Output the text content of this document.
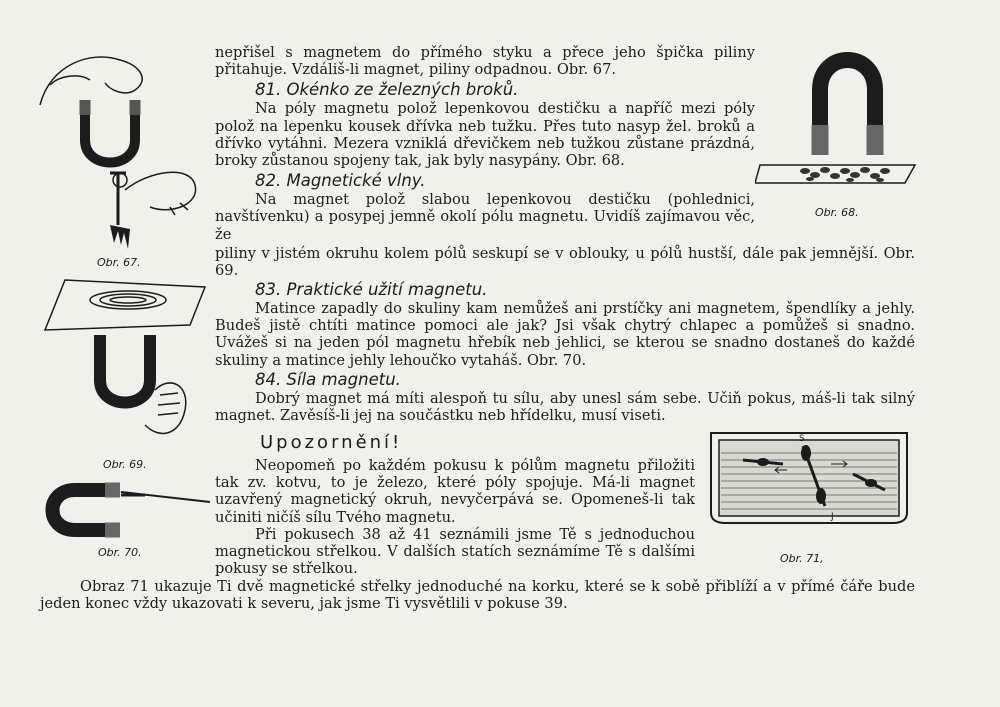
nepřišel s magnetem do přímého styku a přece jeho špička piliny přitahuje. Vzdáliš-li magnet, piliny odpadnou. Obr. 67.

81. Okénko ze železných broků.

Na póly magnetu polož lepenkovou destičku a napříč mezi póly polož na lepenku kousek dřívka neb tužku. Přes tuto nasyp žel. broků a dřívko vytáhni. Mezera vzniklá dřevičkem neb tužkou zůstane prázdná, broky zůstanou spojeny tak, jak byly nasypány. Obr. 68.

82. Magnetické vlny.

Na magnet polož slabou lepenkovou destičku (pohlednici, navštívenku) a posypej jemně okolí pólu magnetu. Uvidíš zajímavou věc, že

piliny v jistém okruhu kolem pólů seskupí se v oblouky, u pólů hustší, dále pak jemnější. Obr. 69.

83. Praktické užití magnetu.

Matince zapadly do skuliny kam nemůžeš ani prstíčky ani magnetem, špendlíky a jehly. Budeš jistě chtíti matince pomoci ale jak? Jsi však chytrý chlapec a pomůžeš si snadno. Uvážeš si na jeden pól magnetu hřebík neb jehlici, se kterou se snadno dostaneš do každé skuliny a matince jehly lehoučko vytaháš. Obr. 70.

84. Síla magnetu.

Dobrý magnet má míti alespoň tu sílu, aby unesl sám sebe. Učiň pokus, máš-li tak silný magnet. Zavěsíš-li jej na součástku neb hřídelku, musí viseti.

Upozornění!

Neopomeň po každém pokusu k pólům magnetu přiložiti tak zv. kotvu, to je železo, které póly spojuje. Má-li magnet uzavřený magnetický okruh, nevyčerpává se. Opomeneš-li tak učiniti ničíš sílu Tvého magnetu.

Při pokusech 38 až 41 seznámili jsme Tě s jednoduchou magnetickou střelkou. V dalších statích seznámíme Tě s dalšími pokusy se střelkou.

Obraz 71 ukazuje Ti dvě magnetické střelky jednoduché na korku, které se k sobě přiblíží a v přímé čáře bude jeden konec vždy ukazovati k severu, jak jsme Ti vysvětlili v pokuse 39.
Obr. 67.
Obr. 68.
Obr. 69.
Obr. 70.
S
J
Obr. 71,
